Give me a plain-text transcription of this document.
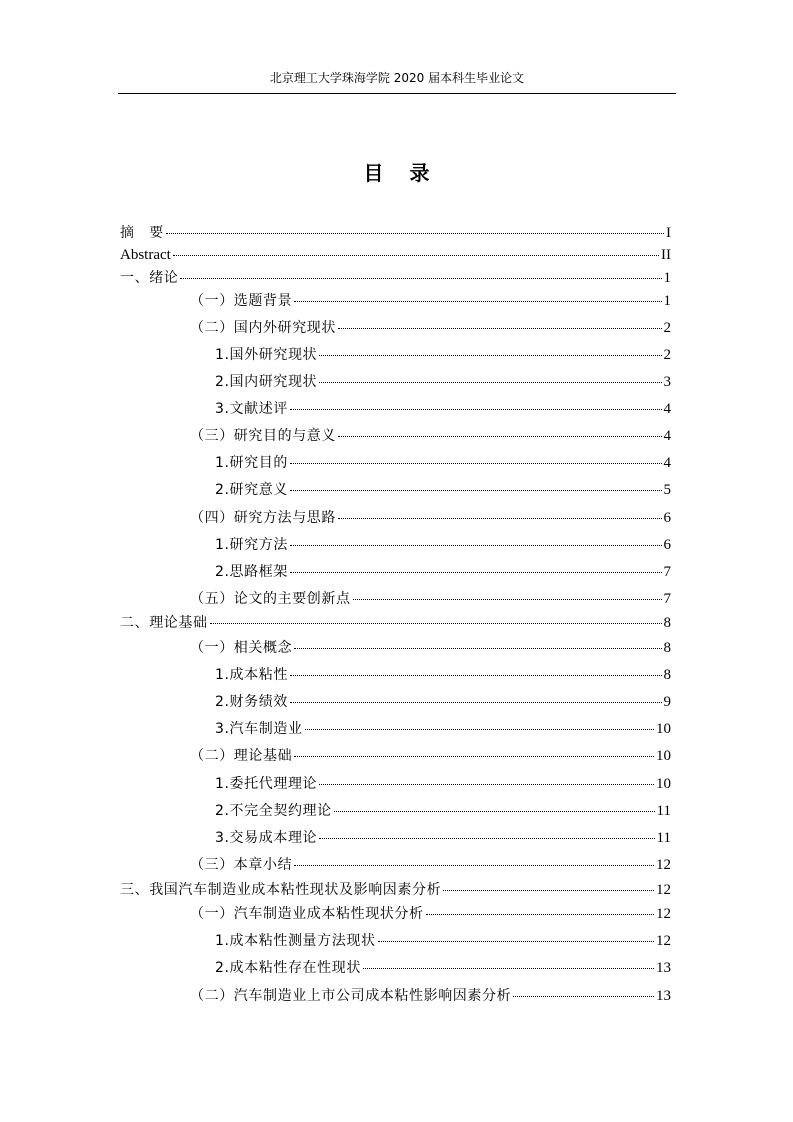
北京理工大学珠海学院 2020 届本科生毕业论文
目录
摘　要	I
Abstract	II
一、绪论	1
（一）选题背景	1
（二）国内外研究现状	2
1.国外研究现状	2
2.国内研究现状	3
3.文献述评	4
（三）研究目的与意义	4
1.研究目的	4
2.研究意义	5
（四）研究方法与思路	6
1.研究方法	6
2.思路框架	7
（五）论文的主要创新点	7
二、理论基础	8
（一）相关概念	8
1.成本粘性	8
2.财务绩效	9
3.汽车制造业	10
（二）理论基础	10
1.委托代理理论	10
2.不完全契约理论	11
3.交易成本理论	11
（三）本章小结	12
三、我国汽车制造业成本粘性现状及影响因素分析	12
（一）汽车制造业成本粘性现状分析	12
1.成本粘性测量方法现状	12
2.成本粘性存在性现状	13
（二）汽车制造业上市公司成本粘性影响因素分析	13
